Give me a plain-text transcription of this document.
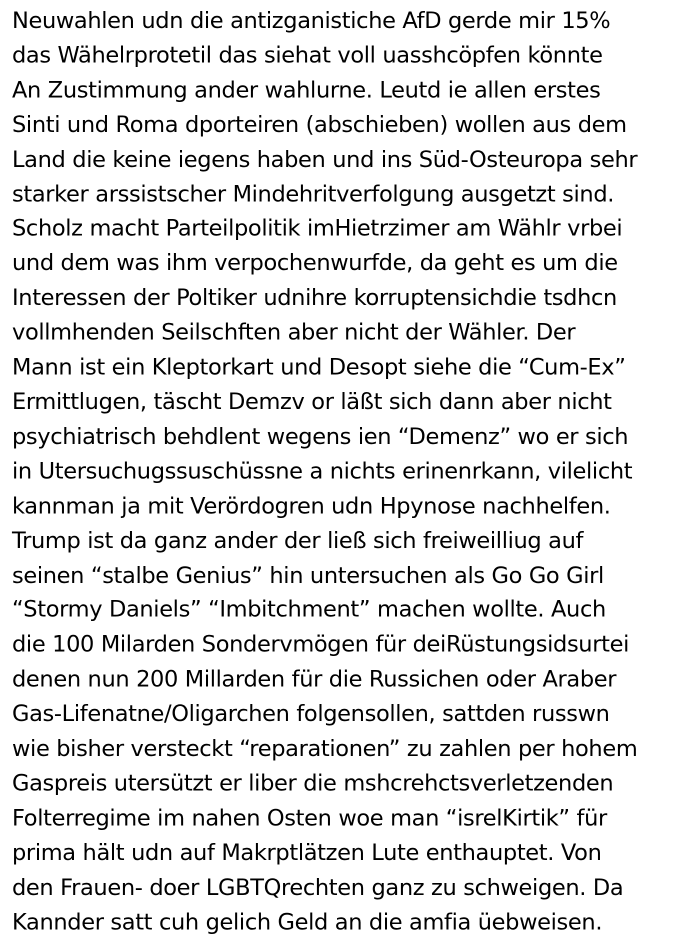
Neuwahlen udn die antizganistiche AfD gerde mir 15%
das Wähelrprotetil das siehat voll uasshcöpfen könnte
An Zustimmung ander wahlurne. Leutd ie allen erstes
Sinti und Roma dporteiren (abschieben) wollen aus dem
Land die keine iegens haben und ins Süd-Osteuropa sehr
starker arssistscher Mindehritverfolgung ausgetzt sind.
Scholz macht Parteilpolitik imHietrzimer am Wählr vrbei
und dem was ihm verpochenwurfde, da geht es um die
Interessen der Poltiker udnihre korruptensichdie tsdhcn
vollmhenden Seilschften aber nicht der Wähler. Der
Mann ist ein Kleptorkart und Desopt siehe die “Cum-Ex”
Ermittlugen, täscht Demzv or läßt sich dann aber nicht
psychiatrisch behdlent wegens ien “Demenz” wo er sich
in Utersuchugssuschüssne a nichts erinenrkann, vilelicht
kannman ja mit Verördogren udn Hpynose nachhelfen.
Trump ist da ganz ander der ließ sich freiweilliug auf
seinen “stalbe Genius” hin untersuchen als Go Go Girl
“Stormy Daniels” “Imbitchment” machen wollte. Auch
die 100 Milarden Sondervmögen für deiRüstungsidsurtei
denen nun 200 Millarden für die Russichen oder Araber
Gas-Lifenatne/Oligarchen folgensollen, sattden russwn
wie bisher versteckt “reparationen” zu zahlen per hohem
Gaspreis utersützt er liber die mshcrehctsverletzenden
Folterregime im nahen Osten woe man “isrelKirtik” für
prima hält udn auf Makrptlätzen Lute enthauptet. Von
den Frauen- doer LGBTQrechten ganz zu schweigen. Da
Kannder satt cuh gelich Geld an die amfia üebweisen.
